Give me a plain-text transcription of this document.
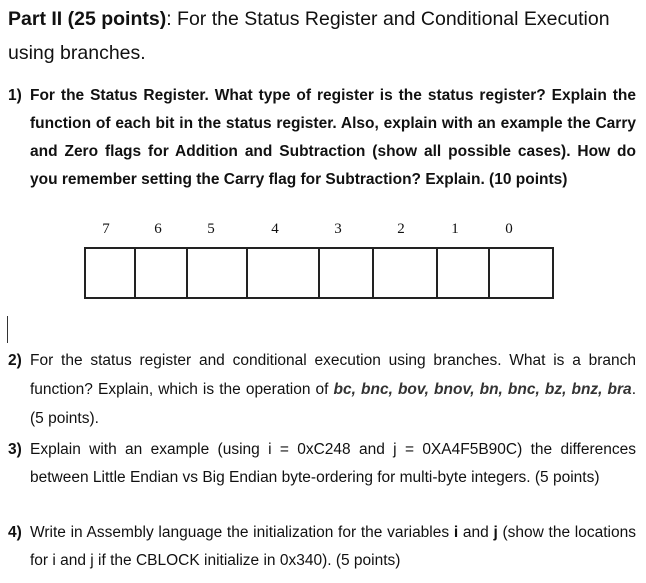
Part II (25 points): For the Status Register and Conditional Execution using branches.
1) For the Status Register. What type of register is the status register? Explain the function of each bit in the status register. Also, explain with an example the Carry and Zero flags for Addition and Subtraction (show all possible cases). How do you remember setting the Carry flag for Subtraction? Explain. (10 points)
7	6	5	4	3	2	1	0
2) For the status register and conditional execution using branches. What is a branch function? Explain, which is the operation of bc, bnc, bov, bnov, bn, bnc, bz, bnz, bra. (5 points).
3) Explain with an example (using i = 0xC248 and j = 0XA4F5B90C) the differences between Little Endian vs Big Endian byte-ordering for multi-byte integers. (5 points)
4) Write in Assembly language the initialization for the variables i and j (show the locations for i and j if the CBLOCK initialize in 0x340). (5 points)
